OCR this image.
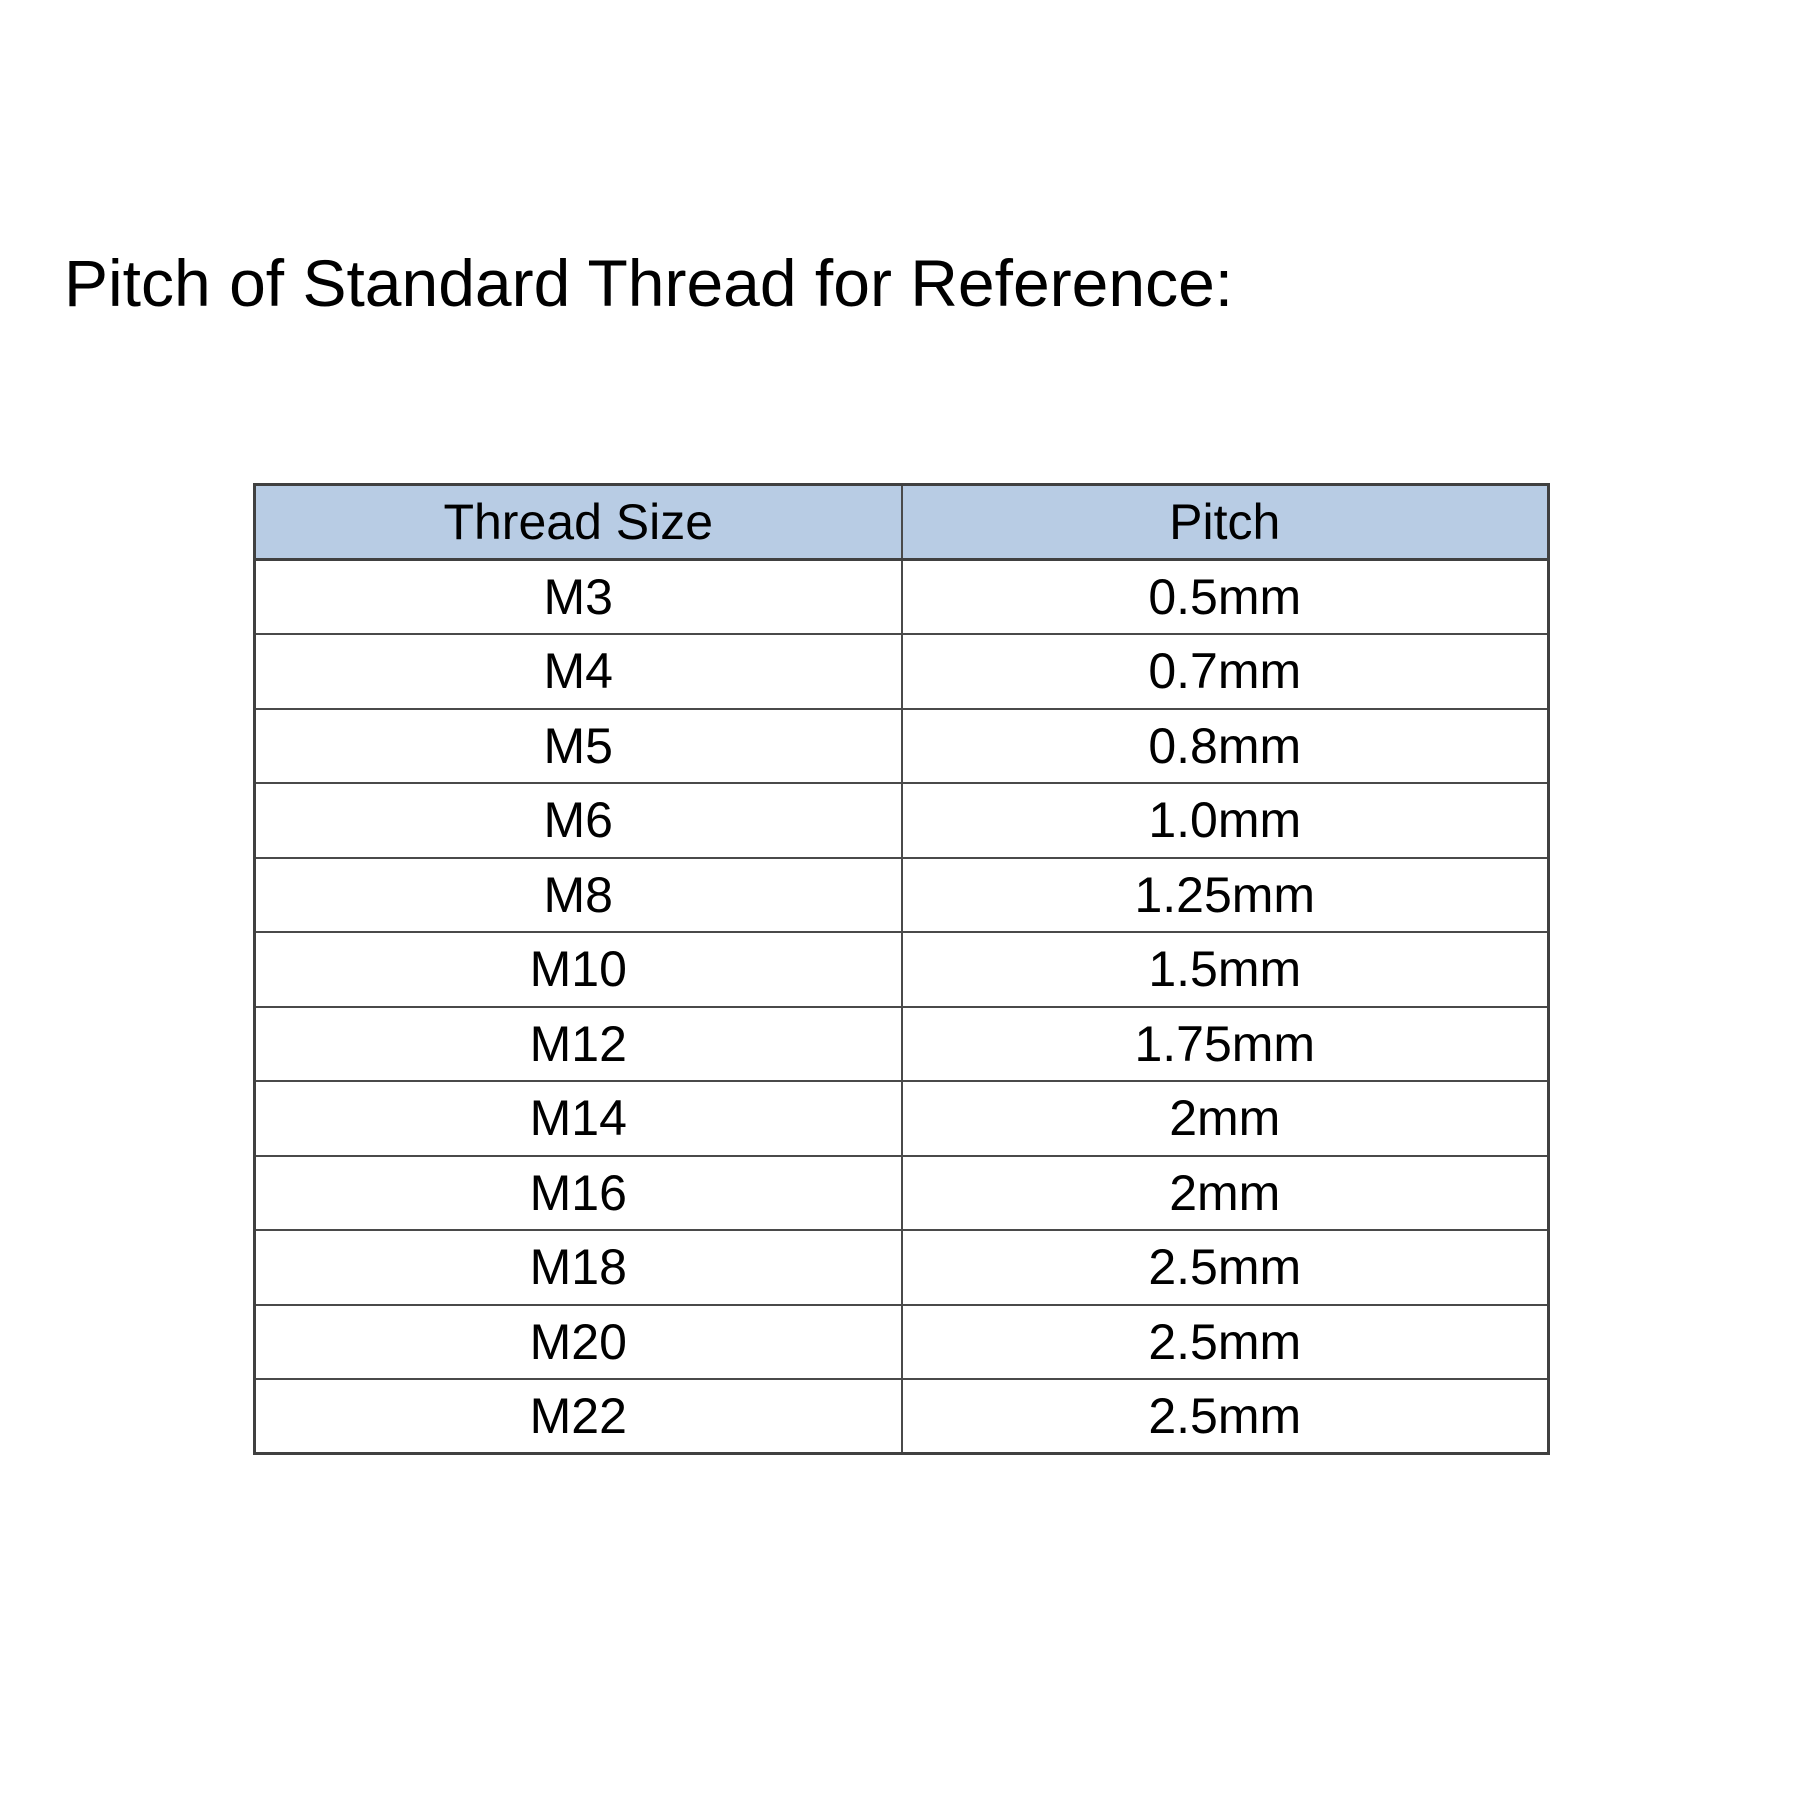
Pitch of Standard Thread for Reference:
Thread Size	Pitch
M3	0.5mm
M4	0.7mm
M5	0.8mm
M6	1.0mm
M8	1.25mm
M10	1.5mm
M12	1.75mm
M14	2mm
M16	2mm
M18	2.5mm
M20	2.5mm
M22	2.5mm
